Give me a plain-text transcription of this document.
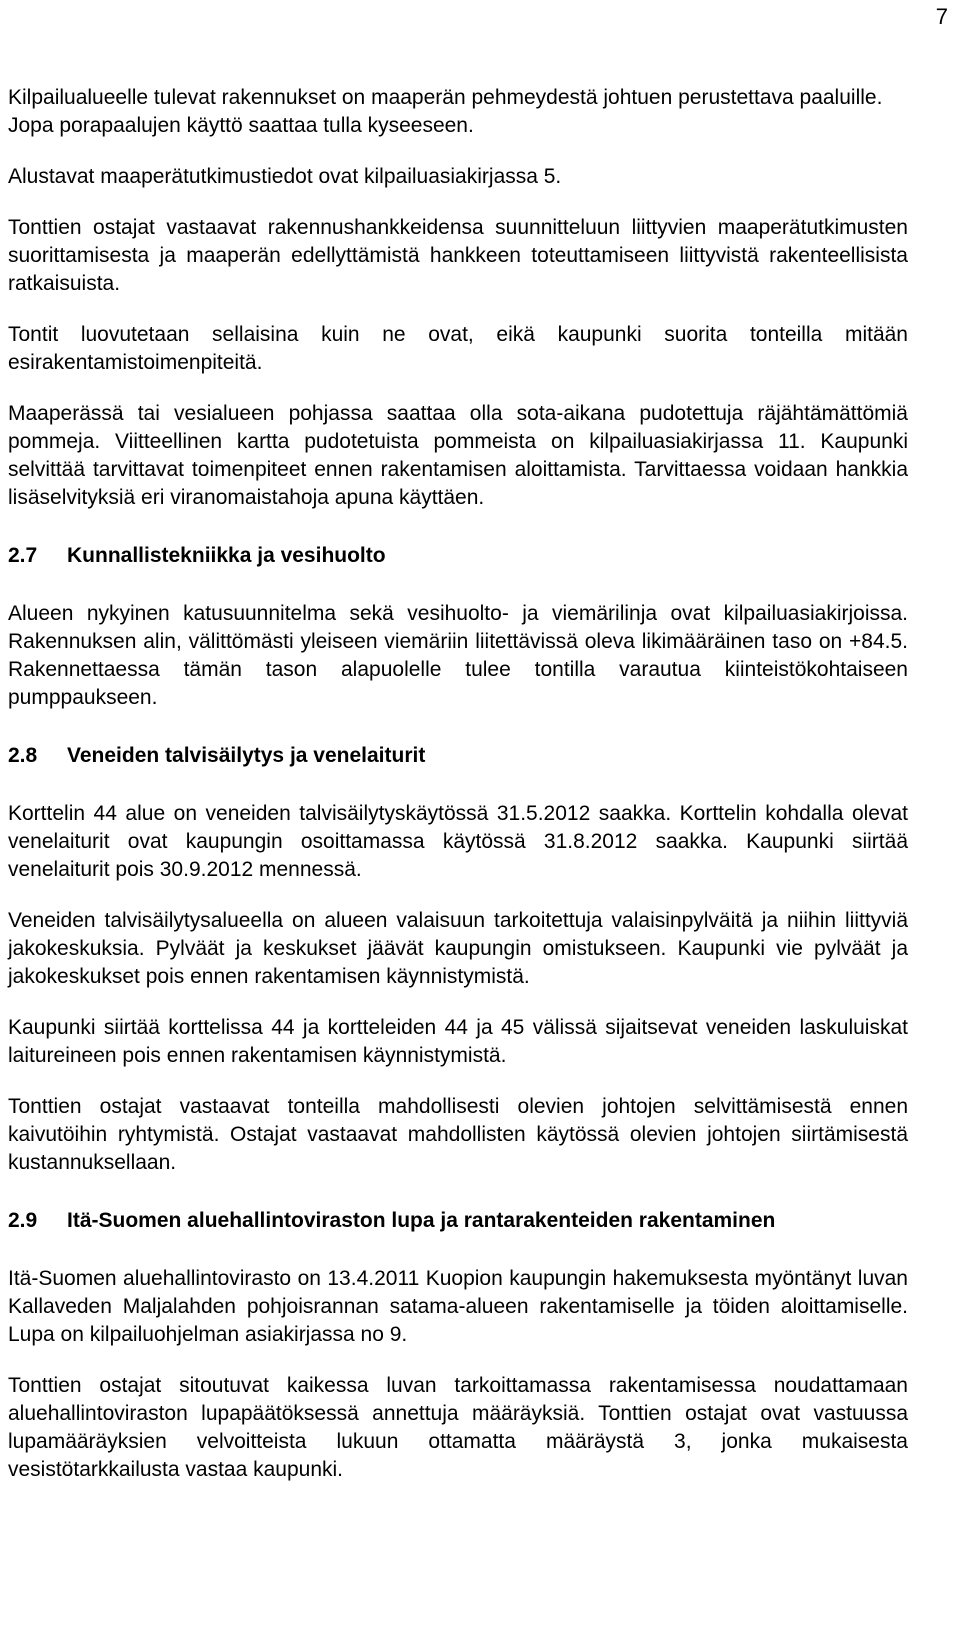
7

Kilpailualueelle tulevat rakennukset on maaperän pehmeydestä johtuen perustettava paaluille. Jopa porapaalujen käyttö saattaa tulla kyseeseen.

Alustavat maaperätutkimustiedot ovat kilpailuasiakirjassa 5.

Tonttien ostajat vastaavat rakennushankkeidensa suunnitteluun liittyvien maaperätutkimusten suorittamisesta ja maaperän edellyttämistä hankkeen toteuttamiseen liittyvistä rakenteellisista ratkaisuista.

Tontit luovutetaan sellaisina kuin ne ovat, eikä kaupunki suorita tonteilla mitään esirakentamistoimenpiteitä.

Maaperässä tai vesialueen pohjassa saattaa olla sota-aikana pudotettuja räjähtämättömiä pommeja. Viitteellinen kartta pudotetuista pommeista on kilpailuasiakirjassa 11. Kaupunki selvittää tarvittavat toimenpiteet ennen rakentamisen aloittamista. Tarvittaessa voidaan hankkia lisäselvityksiä eri viranomaistahoja apuna käyttäen.

2.7	Kunnallistekniikka ja vesihuolto

Alueen nykyinen katusuunnitelma sekä vesihuolto- ja viemärilinja ovat kilpailuasiakirjoissa. Rakennuksen alin, välittömästi yleiseen viemäriin liitettävissä oleva likimääräinen taso on +84.5. Rakennettaessa tämän tason alapuolelle tulee tontilla varautua kiinteistökohtaiseen pumppaukseen.

2.8	Veneiden talvisäilytys ja venelaiturit

Korttelin 44 alue on veneiden talvisäilytyskäytössä 31.5.2012 saakka. Korttelin kohdalla olevat venelaiturit ovat kaupungin osoittamassa käytössä 31.8.2012 saakka. Kaupunki siirtää venelaiturit pois 30.9.2012 mennessä.

Veneiden talvisäilytysalueella on alueen valaisuun tarkoitettuja valaisinpylväitä ja niihin liittyviä jakokeskuksia. Pylväät ja keskukset jäävät kaupungin omistukseen. Kaupunki vie pylväät ja jakokeskukset pois ennen rakentamisen käynnistymistä.

Kaupunki siirtää korttelissa 44 ja kortteleiden 44 ja 45 välissä sijaitsevat veneiden laskuluiskat laitureineen pois ennen rakentamisen käynnistymistä.

Tonttien ostajat vastaavat tonteilla mahdollisesti olevien johtojen selvittämisestä ennen kaivutöihin ryhtymistä. Ostajat vastaavat mahdollisten käytössä olevien johtojen siirtämisestä kustannuksellaan.

2.9	Itä-Suomen aluehallintoviraston lupa ja rantarakenteiden rakentaminen

Itä-Suomen aluehallintovirasto on 13.4.2011 Kuopion kaupungin hakemuksesta myöntänyt luvan Kallaveden Maljalahden pohjoisrannan satama-alueen rakentamiselle ja töiden aloittamiselle. Lupa on kilpailuohjelman asiakirjassa no 9.

Tonttien ostajat sitoutuvat kaikessa luvan tarkoittamassa rakentamisessa noudattamaan aluehallintoviraston lupapäätöksessä annettuja määräyksiä. Tonttien ostajat ovat vastuussa lupamääräyksien velvoitteista lukuun ottamatta määräystä 3, jonka mukaisesta vesistötarkkailusta vastaa kaupunki.
